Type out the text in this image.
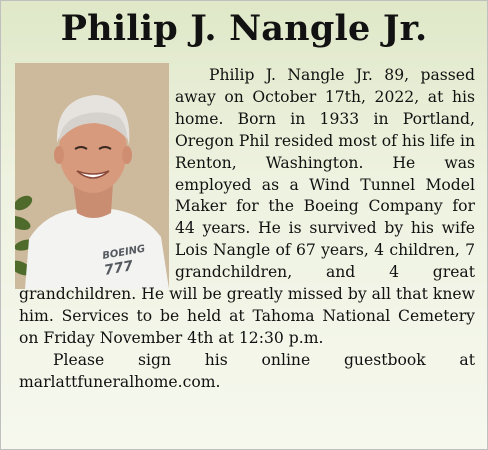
Philip J. Nangle Jr.
BOEING
777

Philip J. Nangle Jr. 89, passed away on October 17th, 2022, at his home. Born in 1933 in Portland, Oregon Phil resided most of his life in Renton, Washington. He was employed as a Wind Tunnel Model Maker for the Boeing Company for 44 years. He is survived by his wife Lois Nangle of 67 years, 4 children, 7 grandchildren, and 4 great grandchildren. He will be greatly missed by all that knew him. Services to be held at Tahoma National Cemetery on Friday November 4th at 12:30 p.m.

Please sign his online guestbook at marlattfuneralhome.com.
